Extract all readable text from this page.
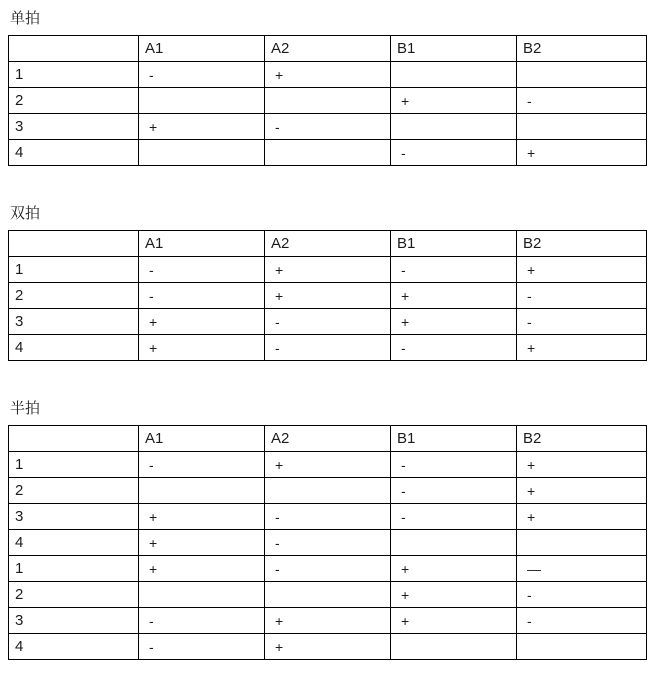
单拍
	A1	A2	B1	B2
1	-	+		
2			+	-
3	+	-		
4			-	+
双拍
	A1	A2	B1	B2
1	-	+	-	+
2	-	+	+	-
3	+	-	+	-
4	+	-	-	+
半拍
	A1	A2	B1	B2
1	-	+	-	+
2			-	+
3	+	-	-	+
4	+	-		
1	+	-	+	—
2			+	-
3	-	+	+	-
4	-	+		
